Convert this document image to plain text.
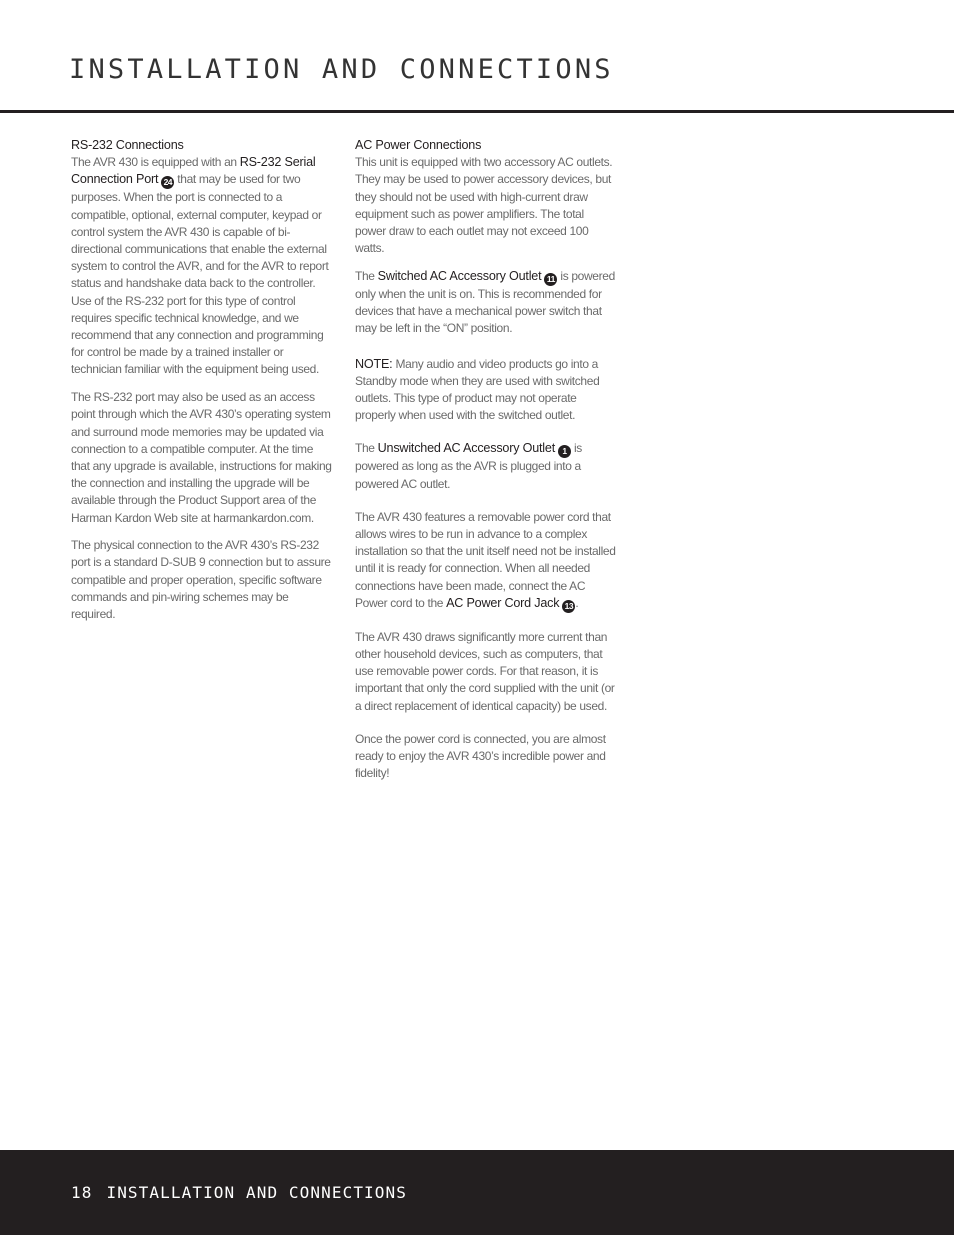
INSTALLATION AND CONNECTIONS
RS-232 Connections

The AVR 430 is equipped with an RS-232 Serial Connection Port 24 that may be used for two purposes. When the port is connected to a compatible, optional, external computer, keypad or control system the AVR 430 is capable of bi-directional communications that enable the external system to control the AVR, and for the AVR to report status and handshake data back to the controller. Use of the RS-232 port for this type of control requires specific technical knowledge, and we recommend that any connection and programming for control be made by a trained installer or technician familiar with the equipment being used.

The RS-232 port may also be used as an access point through which the AVR 430’s operating system and surround mode memories may be updated via connection to a compatible computer. At the time that any upgrade is available, instructions for making the connection and installing the upgrade will be available through the Product Support area of the Harman Kardon Web site at harmankardon.com.

The physical connection to the AVR 430’s RS-232 port is a standard D-SUB 9 connection but to assure compatible and proper operation, specific software commands and pin-wiring schemes may be required.

AC Power Connections

This unit is equipped with two accessory AC outlets. They may be used to power accessory devices, but they should not be used with high-current draw equipment such as power amplifiers. The total power draw to each outlet may not exceed 100 watts.

The Switched AC Accessory Outlet 11 is powered only when the unit is on. This is recommended for devices that have a mechanical power switch that may be left in the “ON” position.

NOTE: Many audio and video products go into a Standby mode when they are used with switched outlets. This type of product may not operate properly when used with the switched outlet.

The Unswitched AC Accessory Outlet 1 is powered as long as the AVR is plugged into a powered AC outlet.

The AVR 430 features a removable power cord that allows wires to be run in advance to a complex installation so that the unit itself need not be installed until it is ready for connection. When all needed connections have been made, connect the AC Power cord to the AC Power Cord Jack 13 .

The AVR 430 draws significantly more current than other household devices, such as computers, that use removable power cords. For that reason, it is important that only the cord supplied with the unit (or a direct replacement of identical capacity) be used.

Once the power cord is connected, you are almost ready to enjoy the AVR 430’s incredible power and fidelity!

18 INSTALLATION AND CONNECTIONS
